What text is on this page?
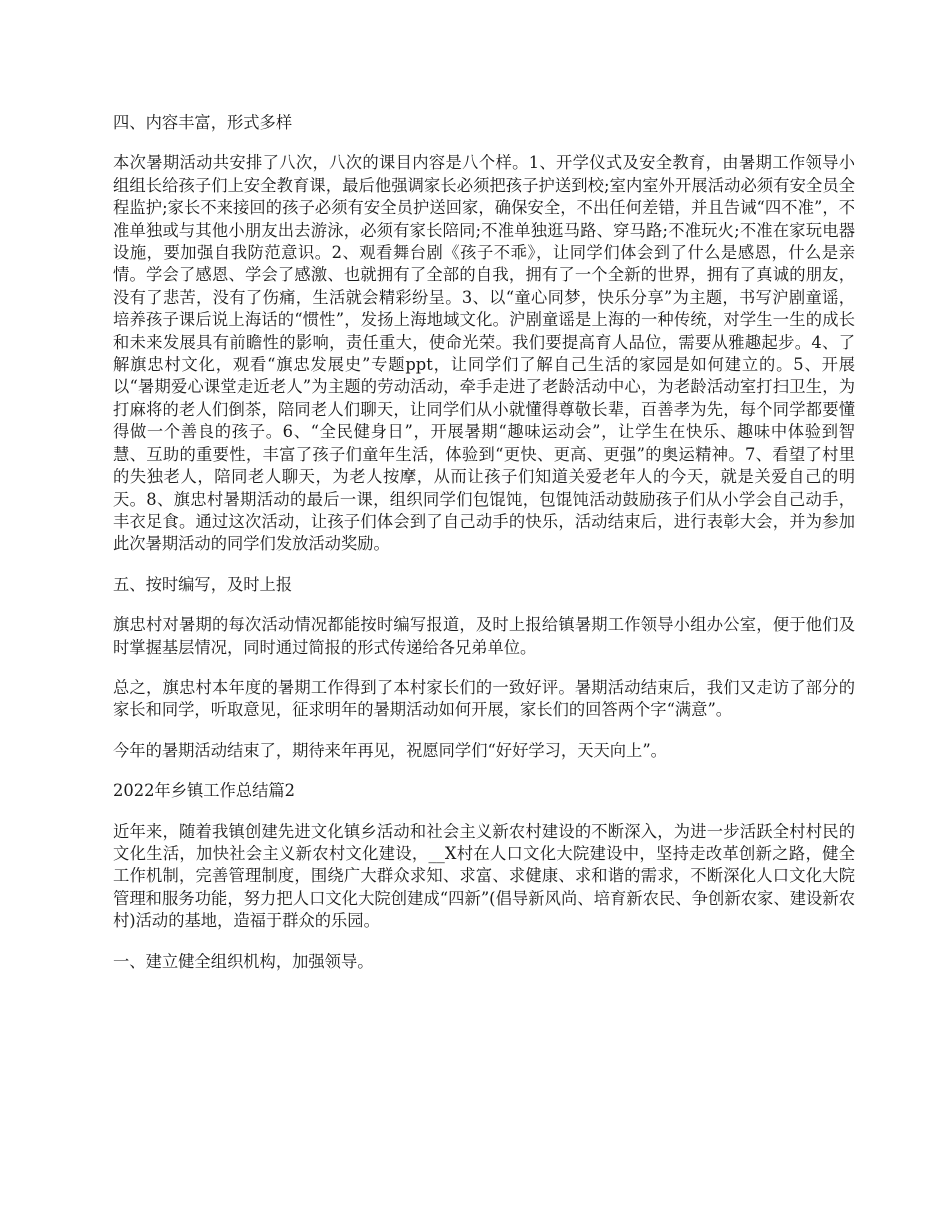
四、内容丰富，形式多样

本次暑期活动共安排了八次，八次的课目内容是八个样。1、开学仪式及安全教育，由暑期工作领导小组组长给孩子们上安全教育课，最后他强调家长必须把孩子护送到校;室内室外开展活动必须有安全员全程监护;家长不来接回的孩子必须有安全员护送回家，确保安全，不出任何差错，并且告诫“四不准”，不准单独或与其他小朋友出去游泳，必须有家长陪同;不准单独逛马路、穿马路;不准玩火;不准在家玩电器设施，要加强自我防范意识。2、观看舞台剧《孩子不乖》，让同学们体会到了什么是感恩，什么是亲情。学会了感恩、学会了感激、也就拥有了全部的自我，拥有了一个全新的世界，拥有了真诚的朋友，没有了悲苦，没有了伤痛，生活就会精彩纷呈。3、以“童心同梦，快乐分享”为主题，书写沪剧童谣，培养孩子课后说上海话的“惯性”，发扬上海地域文化。沪剧童谣是上海的一种传统，对学生一生的成长和未来发展具有前瞻性的影响，责任重大，使命光荣。我们要提高育人品位，需要从雅趣起步。4、了解旗忠村文化，观看“旗忠发展史”专题ppt，让同学们了解自己生活的家园是如何建立的。5、开展以“暑期爱心课堂走近老人”为主题的劳动活动，牵手走进了老龄活动中心，为老龄活动室打扫卫生，为打麻将的老人们倒茶，陪同老人们聊天，让同学们从小就懂得尊敬长辈，百善孝为先，每个同学都要懂得做一个善良的孩子。6、“全民健身日”，开展暑期“趣味运动会”，让学生在快乐、趣味中体验到智慧、互助的重要性，丰富了孩子们童年生活，体验到“更快、更高、更强”的奥运精神。7、看望了村里的失独老人，陪同老人聊天，为老人按摩，从而让孩子们知道关爱老年人的今天，就是关爱自己的明天。8、旗忠村暑期活动的最后一课，组织同学们包馄饨，包馄饨活动鼓励孩子们从小学会自己动手，丰衣足食。通过这次活动，让孩子们体会到了自己动手的快乐，活动结束后，进行表彰大会，并为参加此次暑期活动的同学们发放活动奖励。

五、按时编写，及时上报

旗忠村对暑期的每次活动情况都能按时编写报道，及时上报给镇暑期工作领导小组办公室，便于他们及时掌握基层情况，同时通过简报的形式传递给各兄弟单位。

总之，旗忠村本年度的暑期工作得到了本村家长们的一致好评。暑期活动结束后，我们又走访了部分的家长和同学，听取意见，征求明年的暑期活动如何开展，家长们的回答两个字“满意”。

今年的暑期活动结束了，期待来年再见，祝愿同学们“好好学习，天天向上”。

2022年乡镇工作总结篇2

近年来，随着我镇创建先进文化镇乡活动和社会主义新农村建设的不断深入，为进一步活跃全村村民的文化生活，加快社会主义新农村文化建设，__X村在人口文化大院建设中，坚持走改革创新之路，健全工作机制，完善管理制度，围绕广大群众求知、求富、求健康、求和谐的需求，不断深化人口文化大院管理和服务功能，努力把人口文化大院创建成“四新”(倡导新风尚、培育新农民、争创新农家、建设新农村)活动的基地，造福于群众的乐园。

一、建立健全组织机构，加强领导。
